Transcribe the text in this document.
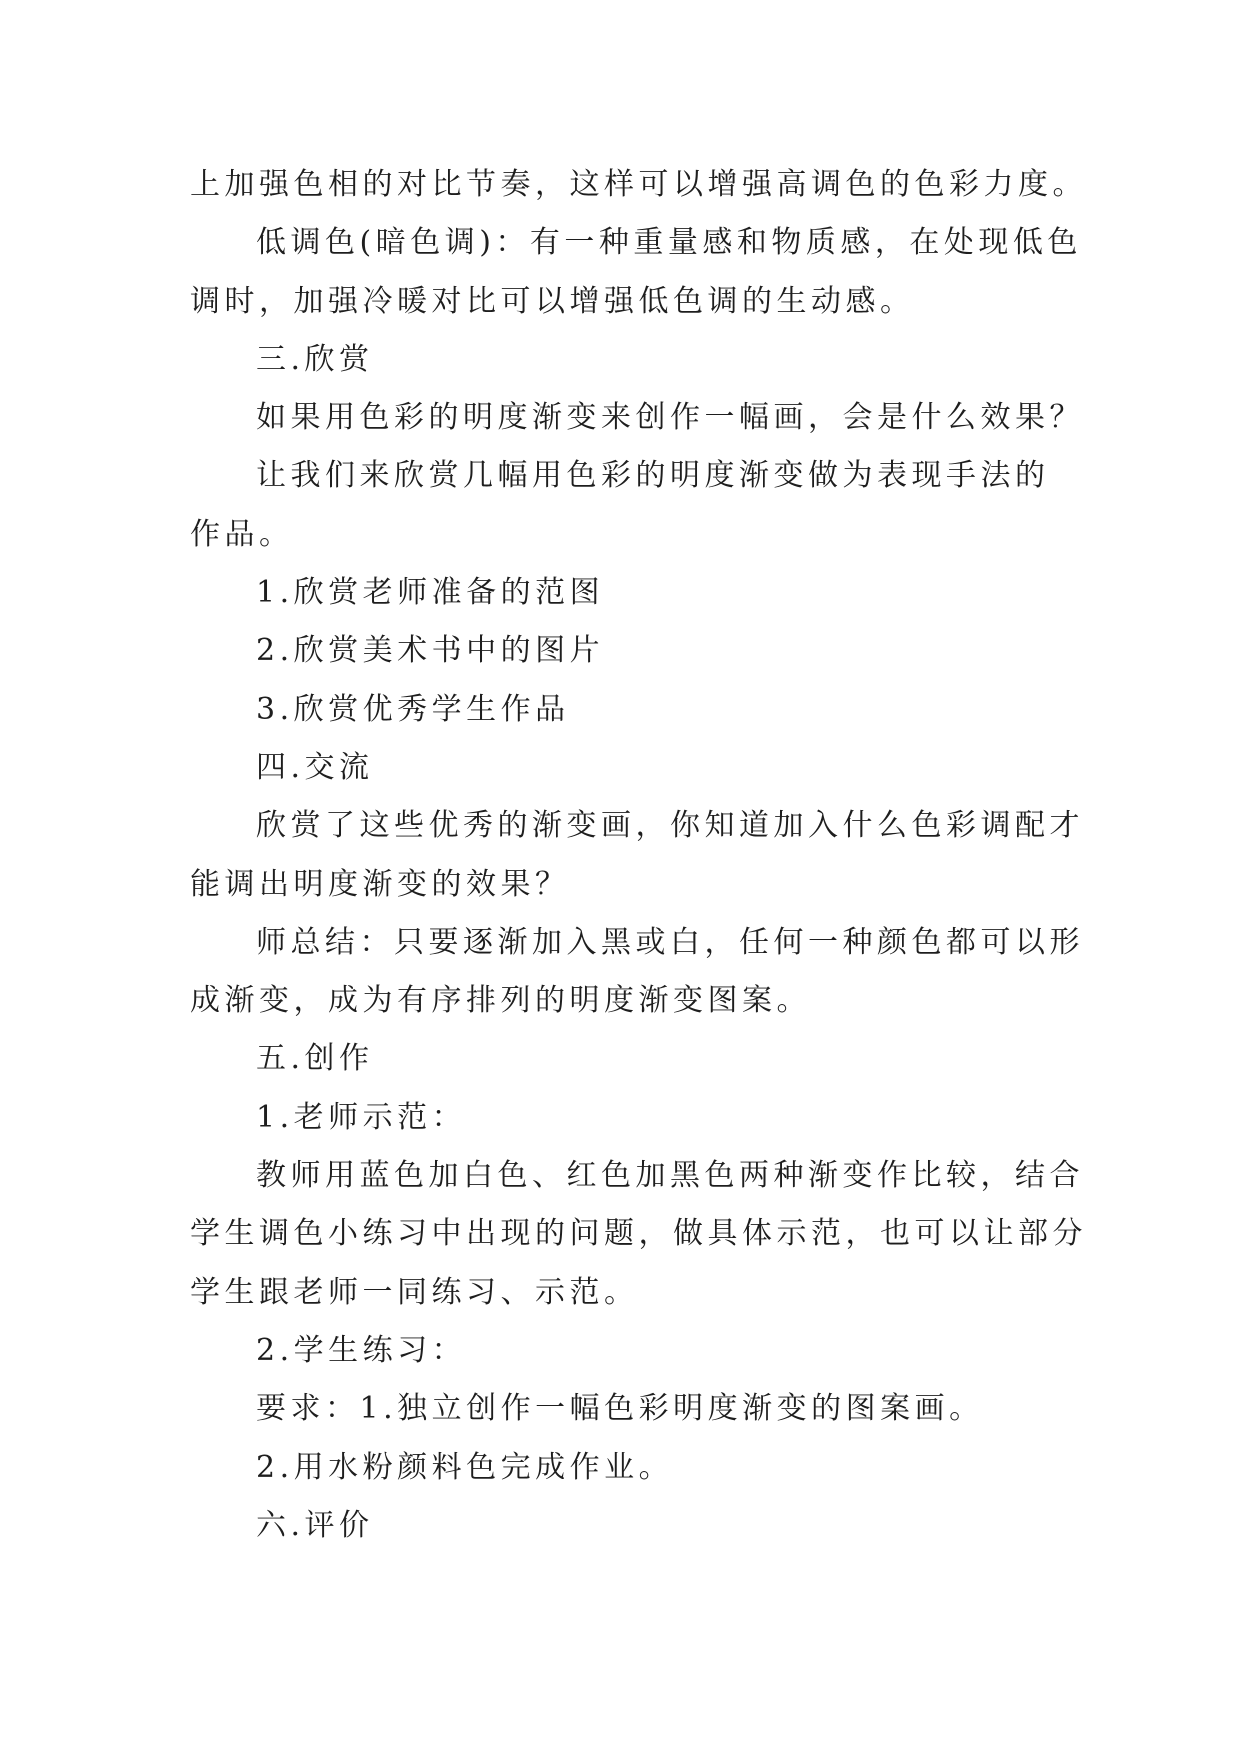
上加强色相的对比节奏，这样可以增强高调色的色彩力度。
低调色(暗色调)：有一种重量感和物质感，在处现低色
调时，加强冷暖对比可以增强低色调的生动感。
三.欣赏
如果用色彩的明度渐变来创作一幅画，会是什么效果？
让我们来欣赏几幅用色彩的明度渐变做为表现手法的
作品。
1.欣赏老师准备的范图
2.欣赏美术书中的图片
3.欣赏优秀学生作品
四.交流
欣赏了这些优秀的渐变画，你知道加入什么色彩调配才
能调出明度渐变的效果？
师总结：只要逐渐加入黑或白，任何一种颜色都可以形
成渐变，成为有序排列的明度渐变图案。
五.创作
1.老师示范：
教师用蓝色加白色、红色加黑色两种渐变作比较，结合
学生调色小练习中出现的问题，做具体示范，也可以让部分
学生跟老师一同练习、示范。
2.学生练习：
要求：1.独立创作一幅色彩明度渐变的图案画。
2.用水粉颜料色完成作业。
六.评价
